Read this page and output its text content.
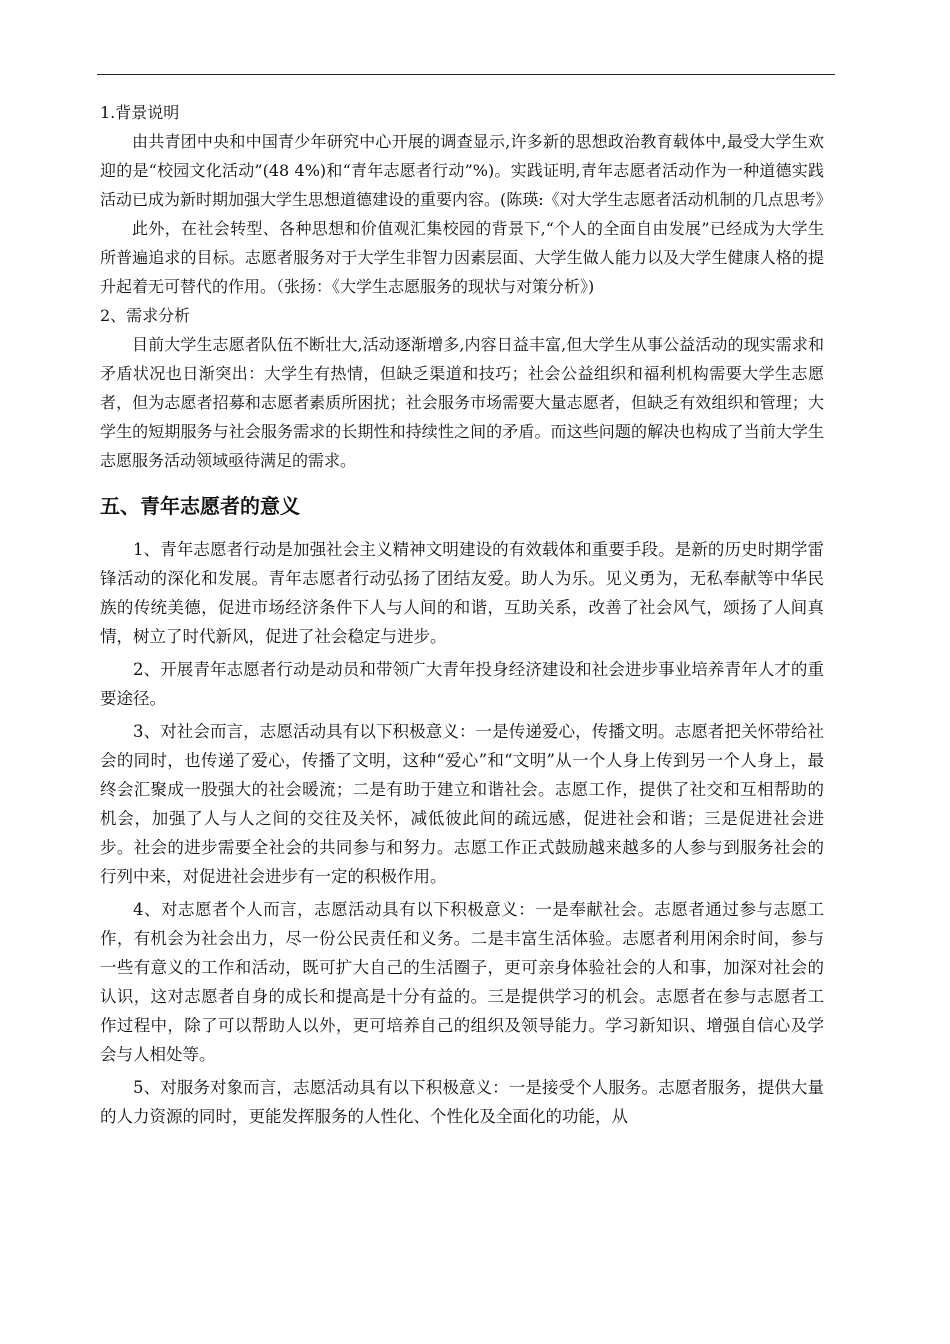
1.背景说明

由共青团中央和中国青少年研究中心开展的调查显示,许多新的思想政治教育载体中,最受大学生欢迎的是“校园文化活动”(48 4%)和“青年志愿者行动”%)。实践证明,青年志愿者活动作为一种道德实践活动已成为新时期加强大学生思想道德建设的重要内容。(陈瑛:《对大学生志愿者活动机制的几点思考》

此外，在社会转型、各种思想和价值观汇集校园的背景下,“个人的全面自由发展”已经成为大学生所普遍追求的目标。志愿者服务对于大学生非智力因素层面、大学生做人能力以及大学生健康人格的提升起着无可替代的作用。（张扬：《大学生志愿服务的现状与对策分析》)

2、需求分析

目前大学生志愿者队伍不断壮大,活动逐渐增多,内容日益丰富,但大学生从事公益活动的现实需求和矛盾状况也日渐突出：大学生有热情，但缺乏渠道和技巧；社会公益组织和福利机构需要大学生志愿者，但为志愿者招募和志愿者素质所困扰；社会服务市场需要大量志愿者，但缺乏有效组织和管理；大学生的短期服务与社会服务需求的长期性和持续性之间的矛盾。而这些问题的解决也构成了当前大学生志愿服务活动领域亟待满足的需求。

五、青年志愿者的意义

1、青年志愿者行动是加强社会主义精神文明建设的有效载体和重要手段。是新的历史时期学雷锋活动的深化和发展。青年志愿者行动弘扬了团结友爱。助人为乐。见义勇为，无私奉献等中华民族的传统美德，促进市场经济条件下人与人间的和谐，互助关系，改善了社会风气，颂扬了人间真情，树立了时代新风，促进了社会稳定与进步。

2、开展青年志愿者行动是动员和带领广大青年投身经济建设和社会进步事业培养青年人才的重要途径。

3、对社会而言，志愿活动具有以下积极意义：一是传递爱心，传播文明。志愿者把关怀带给社会的同时，也传递了爱心，传播了文明，这种“爱心”和“文明”从一个人身上传到另一个人身上，最终会汇聚成一股强大的社会暖流；二是有助于建立和谐社会。志愿工作，提供了社交和互相帮助的机会，加强了人与人之间的交往及关怀，减低彼此间的疏远感，促进社会和谐；三是促进社会进步。社会的进步需要全社会的共同参与和努力。志愿工作正式鼓励越来越多的人参与到服务社会的行列中来，对促进社会进步有一定的积极作用。

4、对志愿者个人而言，志愿活动具有以下积极意义：一是奉献社会。志愿者通过参与志愿工作，有机会为社会出力，尽一份公民责任和义务。二是丰富生活体验。志愿者利用闲余时间，参与一些有意义的工作和活动，既可扩大自己的生活圈子，更可亲身体验社会的人和事，加深对社会的认识，这对志愿者自身的成长和提高是十分有益的。三是提供学习的机会。志愿者在参与志愿者工作过程中，除了可以帮助人以外，更可培养自己的组织及领导能力。学习新知识、增强自信心及学会与人相处等。

5、对服务对象而言，志愿活动具有以下积极意义：一是接受个人服务。志愿者服务，提供大量的人力资源的同时，更能发挥服务的人性化、个性化及全面化的功能，从
